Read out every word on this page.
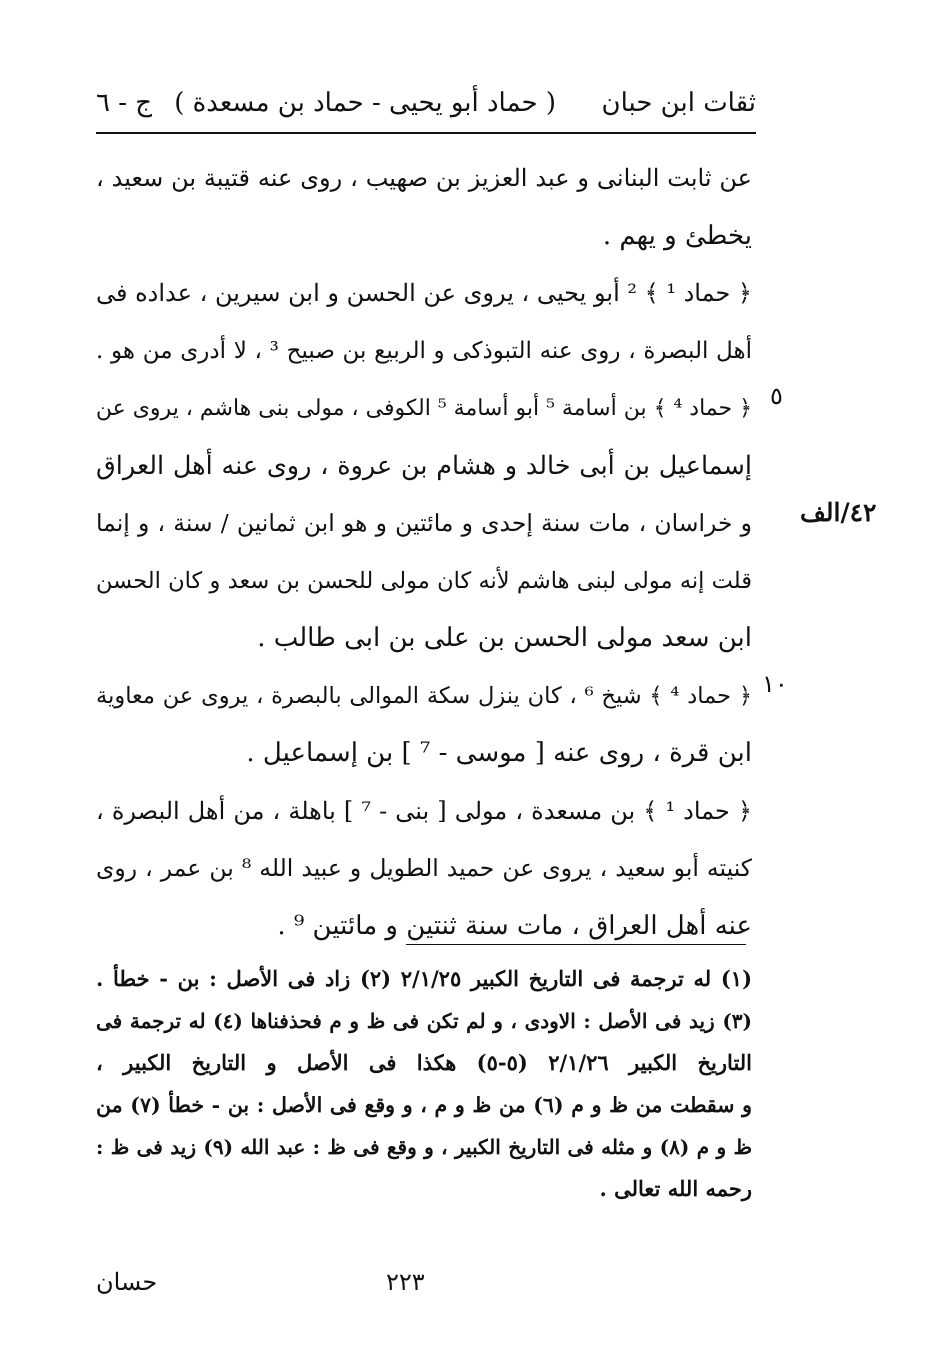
ثقات ابن حبان
( حماد أبو يحيى - حماد بن مسعدة )
ج - ٦
عن ثابت البنانى و عبد العزيز بن صهيب ، روى عنه قتيبة بن سعيد ،
يخطئ و يهم .
﴿ حماد ¹ ﴾ ² أبو يحيى ، يروى عن الحسن و ابن سيرين ، عداده فى
أهل البصرة ، روى عنه التبوذكى و الربيع بن صبيح ³ ، لا أدرى من هو .
﴿ حماد ⁴ ﴾ بن أسامة ⁵ أبو أسامة ⁵ الكوفى ، مولى بنى هاشم ، يروى عن
إسماعيل بن أبى خالد و هشام بن عروة ، روى عنه أهل العراق
و خراسان ، مات سنة إحدى و مائتين و هو ابن ثمانين / سنة ، و إنما
قلت إنه مولى لبنى هاشم لأنه كان مولى للحسن بن سعد و كان الحسن
ابن سعد مولى الحسن بن على بن ابى طالب .
﴿ حماد ⁴ ﴾ شيخ ⁶ ، كان ينزل سكة الموالى بالبصرة ، يروى عن معاوية
ابن قرة ، روى عنه [ موسى - ⁷ ] بن إسماعيل .
﴿ حماد ¹ ﴾ بن مسعدة ، مولى [ بنى - ⁷ ] باهلة ، من أهل البصرة ،
كنيته أبو سعيد ، يروى عن حميد الطويل و عبيد الله ⁸ بن عمر ، روى
عنه أهل العراق ، مات سنة ثنتين و مائتين ⁹ .
٥
١٠
٤٢/الف
(١) له ترجمة فى التاريخ الكبير ٢/١/٢٥ (٢) زاد فى الأصل : بن - خطأ .
(٣) زيد فى الأصل : الاودى ، و لم تكن فى ظ و م فحذفناها (٤) له ترجمة فى
التاريخ الكبير ٢/١/٢٦ (٥-٥) هكذا فى الأصل و التاريخ الكبير ،
و سقطت من ظ و م (٦) من ظ و م ، و وقع فى الأصل : بن - خطأ (٧) من
ظ و م (٨) و مثله فى التاريخ الكبير ، و وقع فى ظ : عبد الله (٩) زيد فى ظ :
رحمه الله تعالى .
٢٢٣
حسان
